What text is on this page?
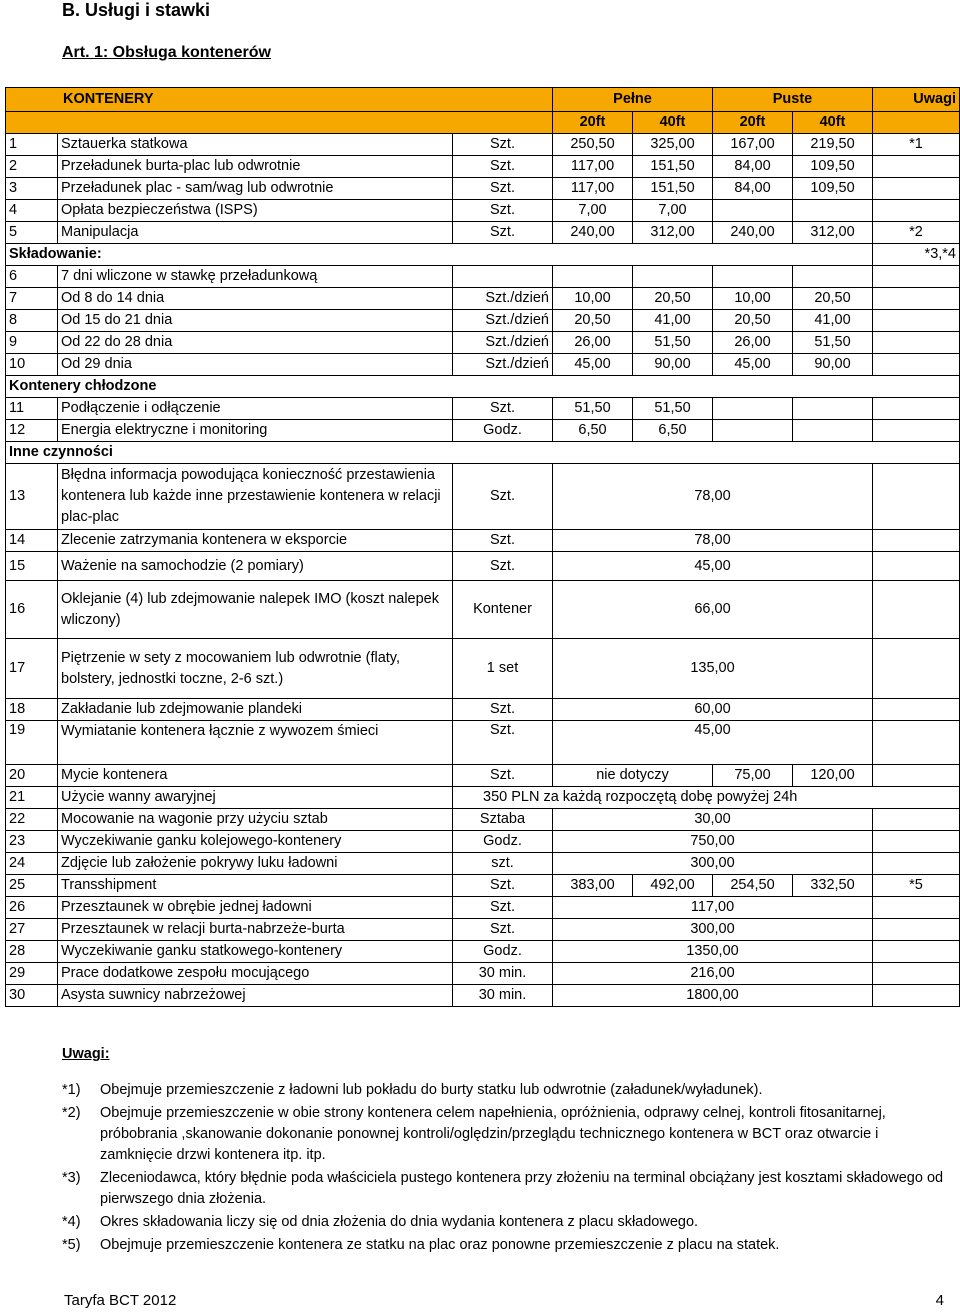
B. Usługi i stawki
Art. 1: Obsługa kontenerów
KONTENERY			Pełne		Puste		Uwagi
			20ft	40ft	20ft	40ft	
1	Sztauerka statkowa	Szt.	250,50	325,00	167,00	219,50	*1
2	Przeładunek burta-plac lub odwrotnie	Szt.	117,00	151,50	84,00	109,50	
3	Przeładunek plac - sam/wag lub odwrotnie	Szt.	117,00	151,50	84,00	109,50	
4	Opłata bezpieczeństwa (ISPS)	Szt.	7,00	7,00			
5	Manipulacja	Szt.	240,00	312,00	240,00	312,00	*2
Składowanie:							*3,*4
6	7 dni wliczone w stawkę przeładunkową						
7	Od 8 do 14 dnia	Szt./dzień	10,00	20,50	10,00	20,50	
8	Od 15 do 21 dnia	Szt./dzień	20,50	41,00	20,50	41,00	
9	Od 22 do 28 dnia	Szt./dzień	26,00	51,50	26,00	51,50	
10	Od 29 dnia	Szt./dzień	45,00	90,00	45,00	90,00	
Kontenery chłodzone							
11	Podłączenie i odłączenie	Szt.	51,50	51,50			
12	Energia elektryczne i monitoring	Godz.	6,50	6,50			
Inne czynności							
13	Błędna informacja powodująca konieczność przestawienia kontenera lub każde inne przestawienie kontenera w relacji plac-plac	Szt.	78,00				
14	Zlecenie zatrzymania kontenera w eksporcie	Szt.	78,00				
15	Ważenie na samochodzie (2 pomiary)	Szt.	45,00				
16	Oklejanie (4) lub zdejmowanie nalepek IMO (koszt nalepek wliczony)	Kontener	66,00				
17	Piętrzenie w sety z mocowaniem lub odwrotnie (flaty, bolstery, jednostki toczne, 2-6 szt.)	1 set	135,00				
18	Zakładanie lub zdejmowanie plandeki	Szt.	60,00				
19	Wymiatanie kontenera łącznie z wywozem śmieci	Szt.	45,00				
20	Mycie kontenera	Szt.	nie dotyczy		75,00	120,00	
21	Użycie wanny awaryjnej	350 PLN za każdą rozpoczętą dobę powyżej 24h					
22	Mocowanie na wagonie przy użyciu sztab	Sztaba	30,00				
23	Wyczekiwanie ganku kolejowego-kontenery	Godz.	750,00				
24	Zdjęcie lub założenie pokrywy luku ładowni	szt.	300,00				
25	Transshipment	Szt.	383,00	492,00	254,50	332,50	*5
26	Przesztaunek w obrębie jednej ładowni	Szt.	117,00				
27	Przesztaunek w relacji burta-nabrzeże-burta	Szt.	300,00				
28	Wyczekiwanie ganku statkowego-kontenery	Godz.	1350,00				
29	Prace dodatkowe zespołu mocującego	30 min.	216,00				
30	Asysta suwnicy nabrzeżowej	30 min.	1800,00				
Uwagi:
*1)	Obejmuje przemieszczenie z ładowni lub pokładu do burty statku lub odwrotnie (załadunek/wyładunek).
*2)	Obejmuje przemieszczenie w obie strony kontenera celem napełnienia, opróżnienia, odprawy celnej, kontroli fitosanitarnej, próbobrania ,skanowanie dokonanie ponownej kontroli/oględzin/przeglądu technicznego kontenera w BCT oraz otwarcie i zamknięcie drzwi kontenera itp. itp.
*3)	Zleceniodawca, który błędnie poda właściciela pustego kontenera przy złożeniu na terminal obciążany jest kosztami składowego od pierwszego dnia złożenia.
*4)	Okres składowania liczy się od dnia złożenia do dnia wydania kontenera z placu składowego.
*5)	Obejmuje przemieszczenie kontenera ze statku na plac oraz ponowne przemieszczenie z placu na statek.
Taryfa BCT 2012	4
